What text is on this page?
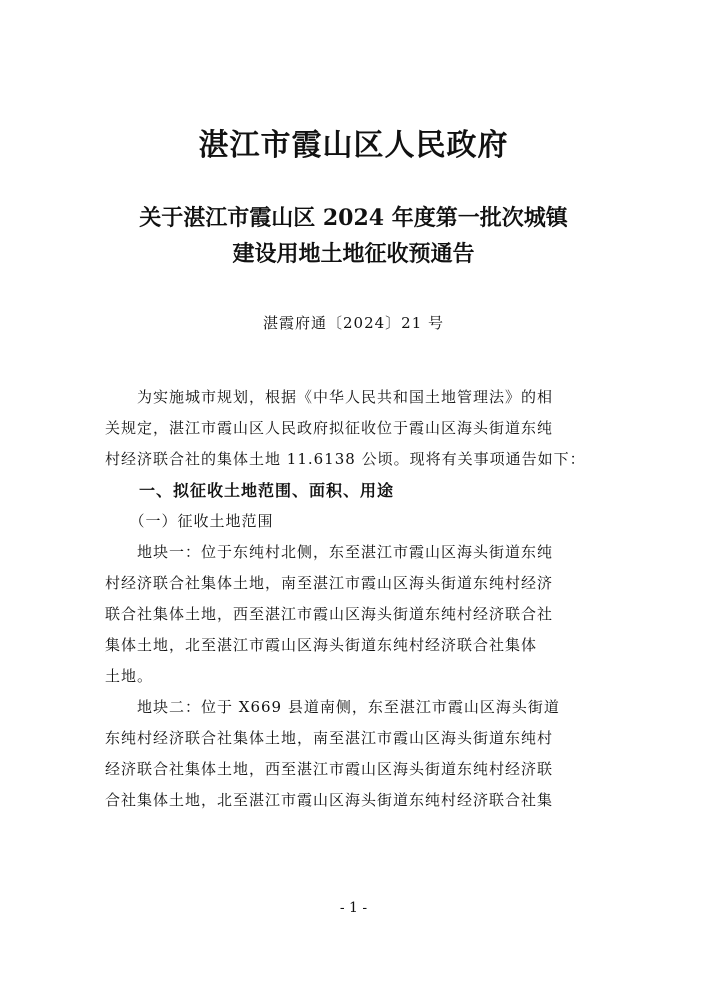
湛江市霞山区人民政府
关于湛江市霞山区 2024 年度第一批次城镇
建设用地土地征收预通告
湛霞府通〔2024〕21 号
　　为实施城市规划，根据《中华人民共和国土地管理法》的相
关规定，湛江市霞山区人民政府拟征收位于霞山区海头街道东纯
村经济联合社的集体土地 11.6138 公顷。现将有关事项通告如下：
　　一、拟征收土地范围、面积、用途
　　（一）征收土地范围
　　地块一：位于东纯村北侧，东至湛江市霞山区海头街道东纯
村经济联合社集体土地，南至湛江市霞山区海头街道东纯村经济
联合社集体土地，西至湛江市霞山区海头街道东纯村经济联合社
集体土地，北至湛江市霞山区海头街道东纯村经济联合社集体
土地。
　　地块二：位于 X669 县道南侧，东至湛江市霞山区海头街道
东纯村经济联合社集体土地，南至湛江市霞山区海头街道东纯村
经济联合社集体土地，西至湛江市霞山区海头街道东纯村经济联
合社集体土地，北至湛江市霞山区海头街道东纯村经济联合社集
- 1 -
